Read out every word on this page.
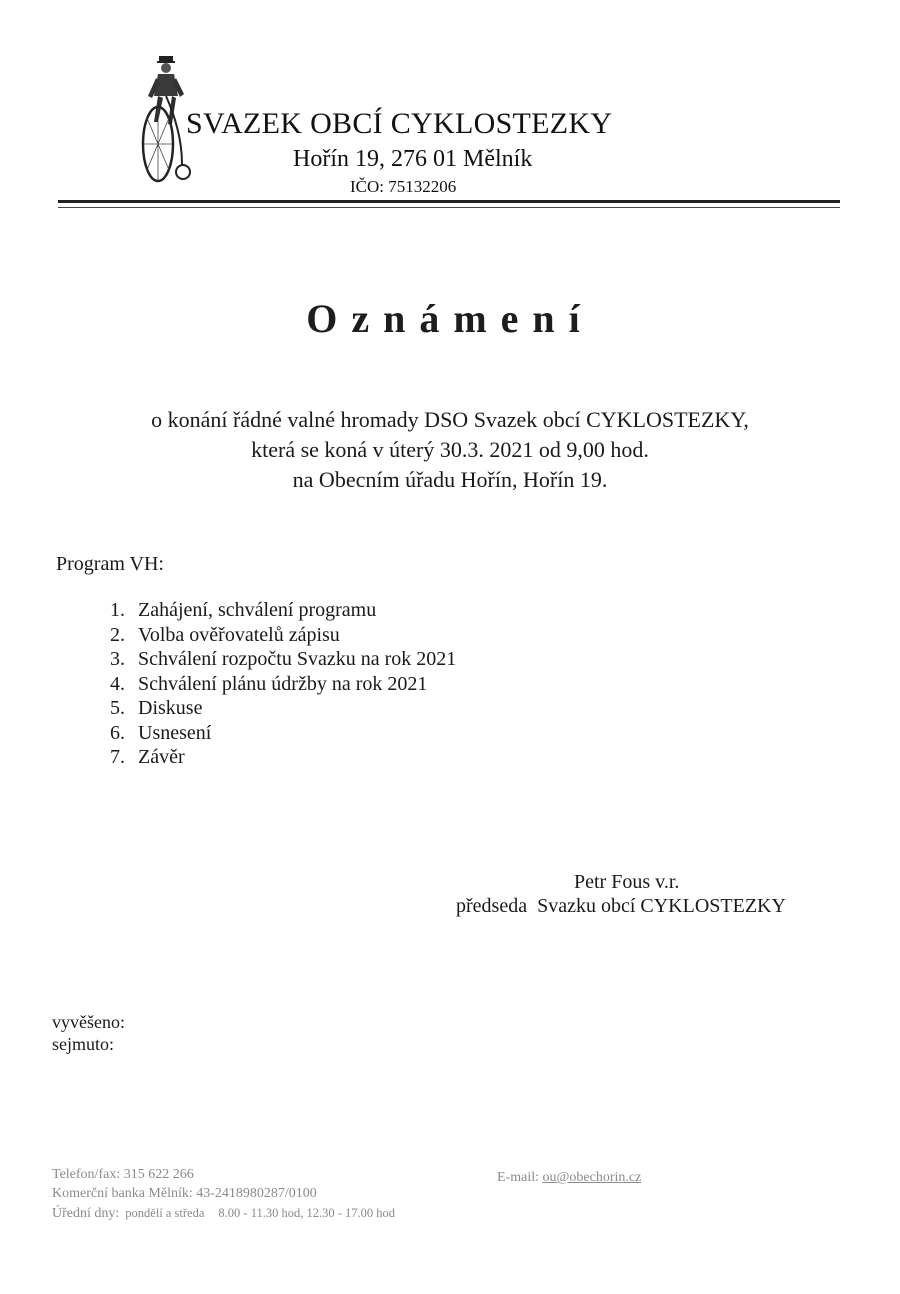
SVAZEK OBCÍ CYKLOSTEZKY
Hořín 19, 276 01 Mělník
IČO: 75132206
Oznámení
o konání řádné valné hromady DSO Svazek obcí CYKLOSTEZKY,
která se koná v úterý 30.3. 2021 od 9,00 hod.
na Obecním úřadu Hořín, Hořín 19.
Program VH:
1. Zahájení, schválení programu
2. Volba ověřovatelů zápisu
3. Schválení rozpočtu Svazku na rok 2021
4. Schválení plánu údržby na rok 2021
5. Diskuse
6. Usnesení
7. Závěr
Petr Fous v.r.
předseda  Svazku obcí CYKLOSTEZKY
vyvěšeno:
sejmuto:
Telefon/fax: 315 622 266
Komerční banka Mělník: 43-2418980287/0100
Úřední dny: pondělí a středa 8.00 - 11.30 hod, 12.30 - 17.00 hod
E-mail: ou@obechorin.cz
